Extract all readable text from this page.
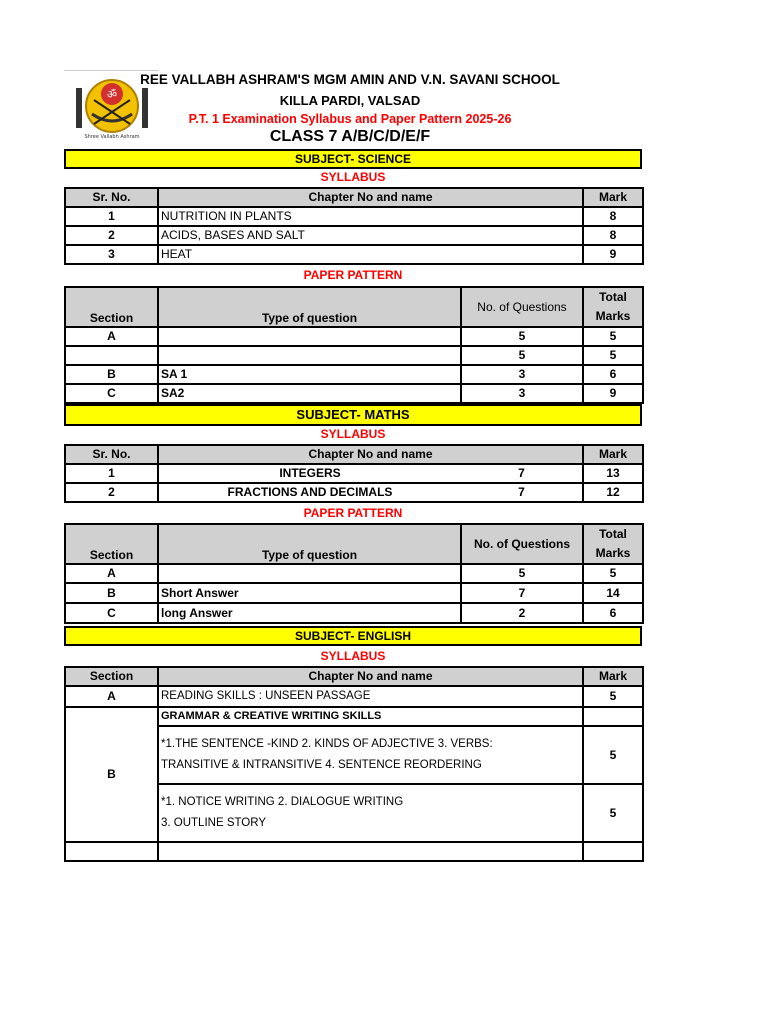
ॐ
Shree Vallabh Ashram
REE VALLABH ASHRAM'S MGM AMIN AND V.N. SAVANI SCHOOL
KILLA PARDI, VALSAD
P.T. 1 Examination Syllabus and Paper Pattern 2025-26
CLASS 7 A/B/C/D/E/F
SUBJECT- SCIENCE
SYLLABUS
Sr. No.	Chapter No and name	Mark
1	NUTRITION IN PLANTS	8
2	ACIDS, BASES AND SALT	8
3	HEAT	9
PAPER PATTERN
Section	Type of question	No. of Questions	Total Marks
A		5	5
		5	5
B	SA 1	3	6
C	SA2	3	9
SUBJECT- MATHS
SYLLABUS
Sr. No.	Chapter No and name		Mark
1	INTEGERS	7	13
2	FRACTIONS AND DECIMALS	7	12
PAPER PATTERN
Section	Type of question	No. of Questions	Total Marks
A		5	5
B	Short Answer	7	14
C	long Answer	2	6
SUBJECT- ENGLISH
SYLLABUS
Section	Chapter No and name	Mark
A	READING SKILLS : UNSEEN PASSAGE	5
B	GRAMMAR & CREATIVE WRITING SKILLS	

	*1.THE SENTENCE -KIND 2. KINDS OF ADJECTIVE 3. VERBS:
TRANSITIVE & INTRANSITIVE 4. SENTENCE REORDERING	5

	*1. NOTICE WRITING 2. DIALOGUE WRITING
3. OUTLINE STORY	5
